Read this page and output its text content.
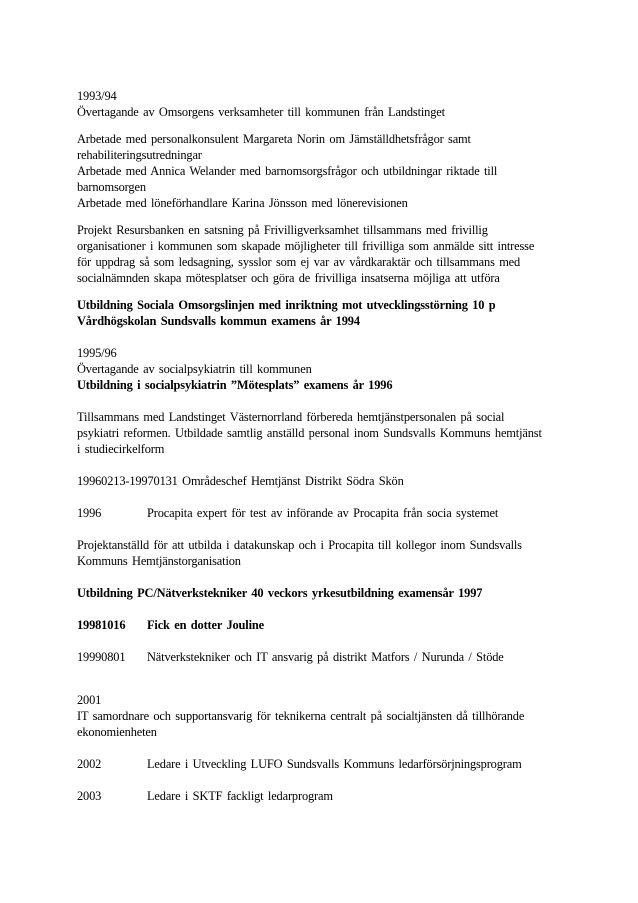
1993/94
Övertagande av Omsorgens verksamheter till kommunen från Landstinget
Arbetade med personalkonsulent Margareta Norin om Jämställdhetsfrågor samt
rehabiliteringsutredningar
Arbetade med Annica Welander med barnomsorgsfrågor och utbildningar riktade till
barnomsorgen
Arbetade med löneförhandlare Karina Jönsson med lönerevisionen
Projekt Resursbanken en satsning på Frivilligverksamhet tillsammans med frivillig
organisationer i kommunen som skapade möjligheter till frivilliga som anmälde sitt intresse
för uppdrag så som ledsagning, sysslor som ej var av vårdkaraktär och tillsammans med
socialnämnden skapa mötesplatser och göra de frivilliga insatserna möjliga att utföra
Utbildning Sociala Omsorgslinjen med inriktning mot utvecklingsstörning 10 p
Vårdhögskolan Sundsvalls kommun examens år 1994
1995/96
Övertagande av socialpsykiatrin till kommunen
Utbildning i socialpsykiatrin ”Mötesplats” examens år 1996
Tillsammans med Landstinget Västernorrland förbereda hemtjänstpersonalen på social
psykiatri reformen. Utbildade samtlig anställd personal inom Sundsvalls Kommuns hemtjänst
i studiecirkelform
19960213-19970131 Områdeschef Hemtjänst Distrikt Södra Skön
1996	Procapita expert för test av införande av Procapita från socia systemet
Projektanställd för att utbilda i datakunskap och i Procapita till kollegor inom Sundsvalls
Kommuns Hemtjänstorganisation
Utbildning PC/Nätverkstekniker 40 veckors yrkesutbildning examensår 1997
19981016	Fick en dotter Jouline
19990801	Nätverkstekniker och IT ansvarig på distrikt Matfors / Nurunda / Stöde
2001
IT samordnare och supportansvarig för teknikerna centralt på socialtjänsten då tillhörande
ekonomienheten
2002	Ledare i Utveckling LUFO Sundsvalls Kommuns ledarförsörjningsprogram
2003	Ledare i SKTF fackligt ledarprogram
